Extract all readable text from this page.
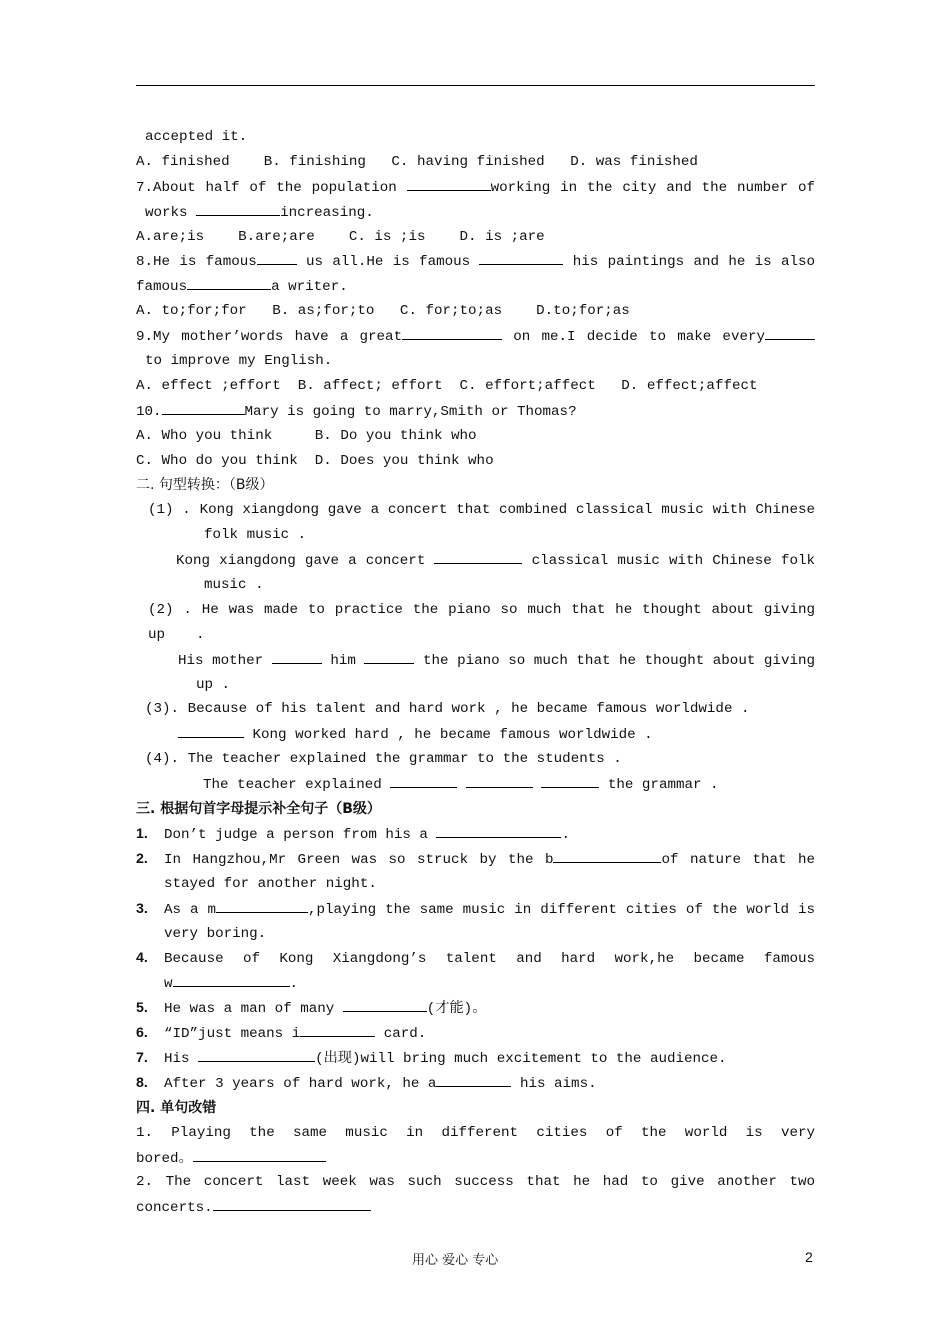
accepted it.
A. finished    B. finishing   C. having finished   D. was finished
7.About half of the population	working in the city and the number of
works	increasing.
A.are;is    B.are;are    C. is ;is    D. is ;are
8.He is famous	us all.He is famous	his paintings and he is also
famous	a writer.
A. to;for;for   B. as;for;to   C. for;to;as    D.to;for;as
9.My mother’words have a great	on me.I decide to make every
to improve my English.
A. effect ;effort  B. affect; effort  C. effort;affect   D. effect;affect
10.	Mary is going to marry,Smith or Thomas?
A. Who you think     B. Do you think who
C. Who do you think  D. Does you think who
二. 句型转换：（B级）
(1) . Kong xiangdong gave a concert that combined classical music with Chinese
folk music .
Kong xiangdong gave a concert	classical music with Chinese folk
music .
(2) . He was made to practice the piano so much that he thought about giving up	.
His mother	him	the piano so much that he thought about giving
up .
(3). Because of his talent and hard work , he became famous worldwide .
Kong worked hard , he became famous worldwide .
(4). The teacher explained the grammar to the students .
The teacher explained	the grammar .
三. 根据句首字母提示补全句子（B级）
1. Don’t judge a person from his a	.
2. In Hangzhou,Mr Green was so struck by the b	of nature that he
stayed for another night.
3. As a m	,playing the same music in different cities of the world is
very boring.
4. Because of Kong Xiangdong’s talent and hard work,he became famous
w	.
5. He was a man of many	(才能)。
6. “ID”just means i	card.
7. His	(出现)will bring much excitement to the audience.
8. After 3 years of hard work, he a	his aims.
四. 单句改错
1. Playing the same music in different cities of the world is very
bored。
2. The concert last week was such success that he had to give another two
concerts.
用心 爱心 专心	2
